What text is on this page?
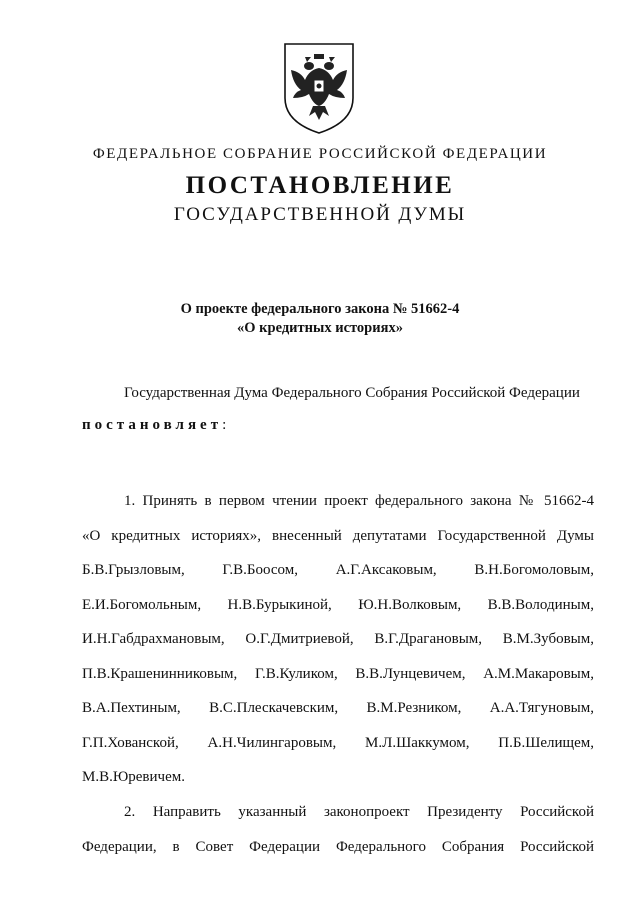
ФЕДЕРАЛЬНОЕ СОБРАНИЕ РОССИЙСКОЙ ФЕДЕРАЦИИ
ПОСТАНОВЛЕНИЕ
ГОСУДАРСТВЕННОЙ ДУМЫ
О проекте федерального закона № 51662-4
«О кредитных историях»
Государственная Дума Федерального Собрания Российской Федерации
постановляет:
1. Принять в первом чтении проект федерального закона № 51662-4
«О кредитных историях», внесенный депутатами Государственной Думы
Б.В.Грызловым, Г.В.Боосом, А.Г.Аксаковым, В.Н.Богомоловым,
Е.И.Богомольным, Н.В.Бурыкиной, Ю.Н.Волковым, В.В.Володиным,
И.Н.Габдрахмановым, О.Г.Дмитриевой, В.Г.Драгановым, В.М.Зубовым,
П.В.Крашенинниковым, Г.В.Куликом, В.В.Лунцевичем, А.М.Макаровым,
В.А.Пехтиным, В.С.Плескачевским, В.М.Резником, А.А.Тягуновым,
Г.П.Хованской, А.Н.Чилингаровым, М.Л.Шаккумом, П.Б.Шелищем,
М.В.Юревичем.
2. Направить указанный законопроект Президенту Российской
Федерации, в Совет Федерации Федерального Собрания Российской
